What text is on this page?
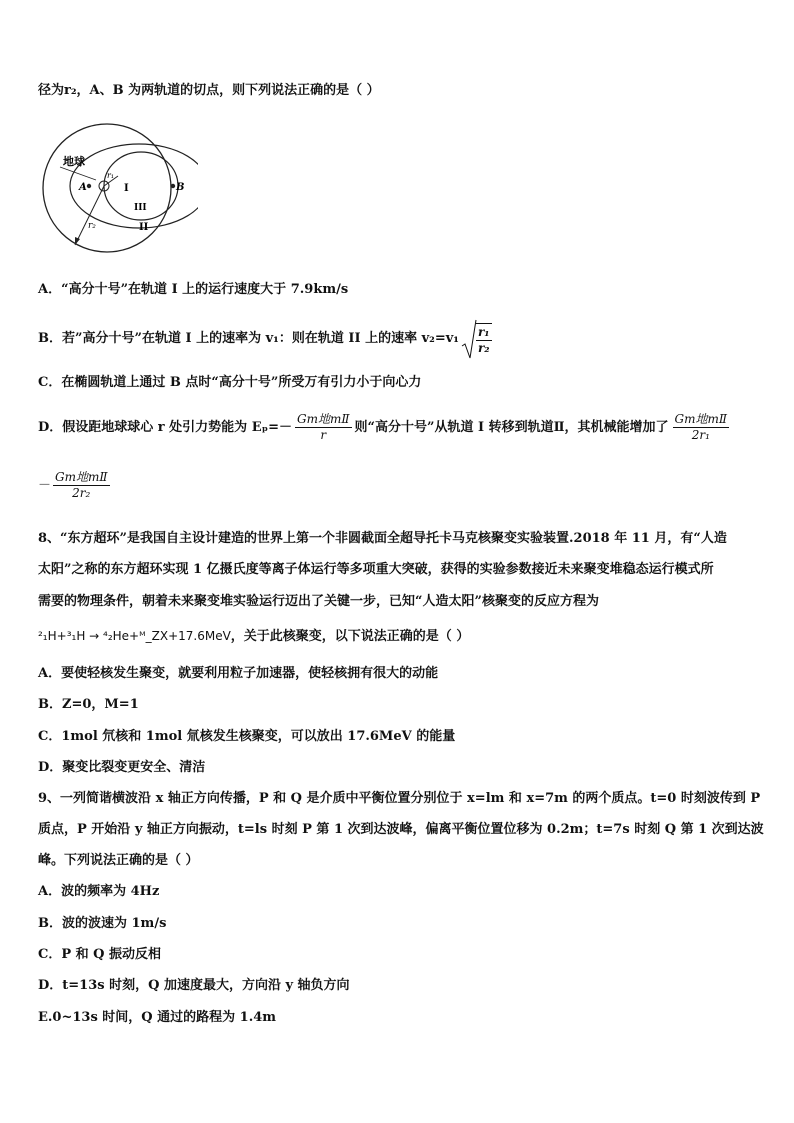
径为r₂，A、B 为两轨道的切点，则下列说法正确的是（ ）
地球
A	B
r₁
r₂
I
III
II
A．“高分十号”在轨道 I 上的运行速度大于 7.9km/s
B．若”高分十号”在轨道 I 上的速率为 v₁：则在轨道 II 上的速率 $v_2=v_1 \frac{\text{r₁}}{\text{r₂}}$
C．在椭圆轨道上通过 B 点时“高分十号”所受万有引力小于向心力
D．假设距地球球心 r 处引力势能为 $E_p=- \frac{\text{Gm地mⅡ}}{r}$ 则“高分十号”从轨道 I 转移到轨道Ⅱ，其机械能增加了 $\frac{\text{Gm地mⅡ}}{\text{2r₁}}$
－ $\frac{\text{Gm地mⅡ}}{\text{2r₂}}$
8、“东方超环”是我国自主设计建造的世界上第一个非圆截面全超导托卡马克核聚变实验装置.2018 年 11 月，有“人造
太阳”之称的东方超环实现 1 亿摄氏度等离子体运行等多项重大突破，获得的实验参数接近未来聚变堆稳态运行模式所
需要的物理条件，朝着未来聚变堆实验运行迈出了关键一步，已知“人造太阳”核聚变的反应方程为
²₁H+³₁H → ⁴₂He+ᴹ_ZX+17.6MeV，关于此核聚变，以下说法正确的是（ ）
A．要使轻核发生聚变，就要利用粒子加速器，使轻核拥有很大的动能
B．Z=0，M=1
C．1mol 氘核和 1mol 氚核发生核聚变，可以放出 17.6MeV 的能量
D．聚变比裂变更安全、清洁
9、一列简谐横波沿 x 轴正方向传播，P 和 Q 是介质中平衡位置分别位于 x=lm 和 x=7m 的两个质点。t=0 时刻波传到 P
质点，P 开始沿 y 轴正方向振动，t=ls 时刻 P 第 1 次到达波峰，偏离平衡位置位移为 0.2m；t=7s 时刻 Q 第 1 次到达波
峰。下列说法正确的是（ ）
A．波的频率为 4Hz
B．波的波速为 1m/s
C．P 和 Q 振动反相
D．t=13s 时刻，Q 加速度最大，方向沿 y 轴负方向
E.0~13s 时间，Q 通过的路程为 1.4m
